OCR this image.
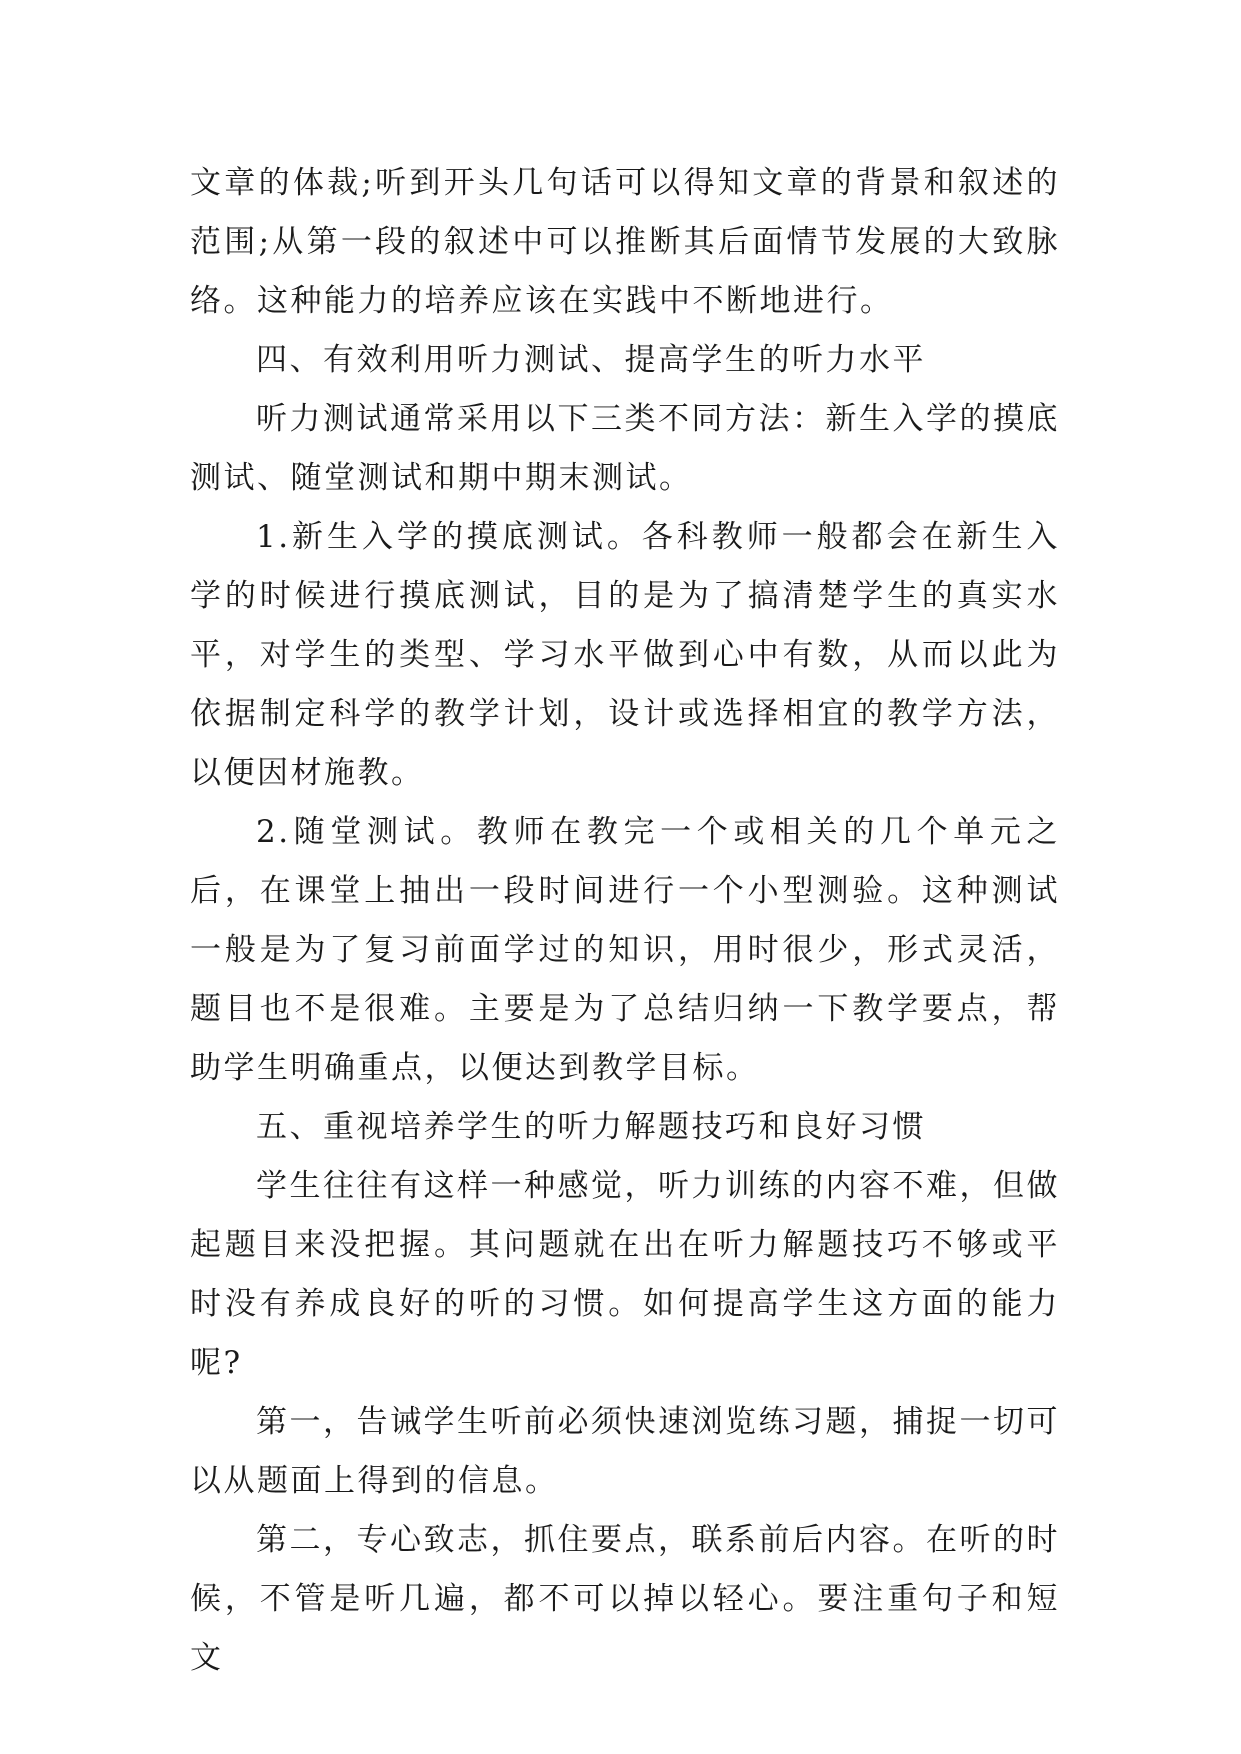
文章的体裁;听到开头几句话可以得知文章的背景和叙述的范围;从第一段的叙述中可以推断其后面情节发展的大致脉络。这种能力的培养应该在实践中不断地进行。

四、有效利用听力测试、提高学生的听力水平

听力测试通常采用以下三类不同方法：新生入学的摸底测试、随堂测试和期中期末测试。

1.新生入学的摸底测试。各科教师一般都会在新生入学的时候进行摸底测试，目的是为了搞清楚学生的真实水平，对学生的类型、学习水平做到心中有数，从而以此为依据制定科学的教学计划，设计或选择相宜的教学方法，以便因材施教。

2.随堂测试。教师在教完一个或相关的几个单元之后，在课堂上抽出一段时间进行一个小型测验。这种测试一般是为了复习前面学过的知识，用时很少，形式灵活，题目也不是很难。主要是为了总结归纳一下教学要点，帮助学生明确重点，以便达到教学目标。

五、重视培养学生的听力解题技巧和良好习惯

学生往往有这样一种感觉，听力训练的内容不难，但做起题目来没把握。其问题就在出在听力解题技巧不够或平时没有养成良好的听的习惯。如何提高学生这方面的能力呢?

第一，告诫学生听前必须快速浏览练习题，捕捉一切可以从题面上得到的信息。

第二，专心致志，抓住要点，联系前后内容。在听的时候，不管是听几遍，都不可以掉以轻心。要注重句子和短文
